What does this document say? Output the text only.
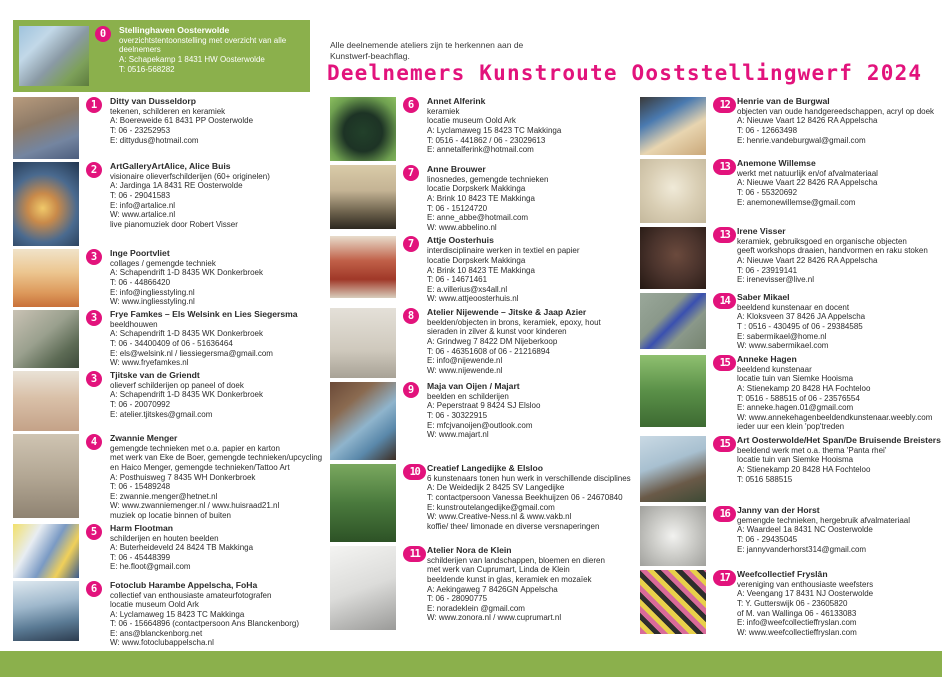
Alle deelnemende ateliers zijn te herkennen aan de
Kunstwerf-beachflag.
Deelnemers Kunstroute Ooststellingwerf 2024
0	Stellinghaven Oosterwolde
overzichtstentoonstelling met overzicht van alle
deelnemers
A: Schapekamp 1 8431 HW Oosterwolde
T: 0516-568282
1	Ditty van Dusseldorp
tekenen, schilderen en keramiek
A: Boereweide 61 8431 PP Oosterwolde
T: 06 - 23252953
E: dittydus@hotmail.com
2	ArtGalleryArtAlice, Alice Buis
visionaire olieverfschilderijen (60+ originelen)
A: Jardinga 1A 8431 RE Oosterwolde
T: 06 - 29041583
E: info@artalice.nl
W: www.artalice.nl
live pianomuziek door Robert Visser
3	Inge Poortvliet
collages / gemengde techniek
A: Schapendrift 1-D 8435 WK Donkerbroek
T: 06 - 44866420
E: info@ingliesstyling.nl
W: www.ingliesstyling.nl
3	Frye Famkes – Els Welsink en Lies Siegersma
beeldhouwen
A: Schapendrift 1-D 8435 WK Donkerbroek
T: 06 - 34400409 of 06 - 51636464
E: els@welsink.nl / liessiegersma@gmail.com
W: www.fryefamkes.nl
3	Tjitske van de Griendt
olieverf schilderijen op paneel of doek
A: Schapendrift 1-D 8435 WK Donkerbroek
T: 06 - 20070992
E: atelier.tjitskes@gmail.com
4	Zwannie Menger
gemengde technieken met o.a. papier en karton
met werk van Eke de Boer, gemengde technieken/upcycling
en Haico Menger, gemengde technieken/Tattoo Art
A: Posthuisweg 7 8435 WH Donkerbroek
T: 06 - 15489248
E: zwannie.menger@hetnet.nl
W: www.zwanniemenger.nl / www.huisraad21.nl
muziek op locatie binnen of buiten
5	Harm Flootman
schilderijen en houten beelden
A: Buterheideveld 24 8424 TB Makkinga
T: 06 - 45448399
E: he.floot@gmail.com
6	Fotoclub Harambe Appelscha, FoHa
collectief van enthousiaste amateurfotografen
locatie museum Oold Ark
A: Lyclamaweg 15 8423 TC Makkinga
T: 06 - 15664896 (contactpersoon Ans Blanckenborg)
E: ans@blanckenborg.net
W: www.fotoclubappelscha.nl
6	Annet Alferink
keramiek
locatie museum Oold Ark
A: Lyclamaweg 15 8423 TC Makkinga
T: 0516 - 441862 / 06 - 23029613
E: annetalferink@hotmail.com
7	Anne Brouwer
linosnedes, gemengde technieken
locatie Dorpskerk Makkinga
A: Brink 10 8423 TE Makkinga
T: 06 - 15124720
E: anne_abbe@hotmail.com
W: www.abbelino.nl
7	Attje Oosterhuis
interdisciplinaire werken in textiel en papier
locatie Dorpskerk Makkinga
A: Brink 10 8423 TE Makkinga
T: 06 - 14671461
E: a.villerius@xs4all.nl
W: www.attjeoosterhuis.nl
8	Atelier Nijewende – Jitske & Jaap Azier
beelden/objecten in brons, keramiek, epoxy, hout
sieraden in zilver & kunst voor kinderen
A: Grindweg 7 8422 DM Nijeberkoop
T: 06 - 46351608 of 06 - 21216894
E: info@nijewende.nl
W: www.nijewende.nl
9	Maja van Oijen / Majart
beelden en schilderijen
A: Peperstraat 9 8424 SJ Elsloo
T: 06 - 30322915
E: mfcjvanoijen@outlook.com
W: www.majart.nl
10 Creatief Langedijke & Elsloo
6 kunstenaars tonen hun werk in verschillende disciplines
A: De Weidedijk 2 8425 SV Langedijke
T: contactpersoon Vanessa Beekhuijzen 06 - 24670840
E: kunstroutelangedijke@gmail.com
W: www.Creative-Ness.nl & www.vakb.nl
koffie/ thee/ limonade en diverse versnaperingen
11 Atelier Nora de Klein
schilderijen van landschappen, bloemen en dieren
met werk van Cuprumart, Linda de Klein
beeldende kunst in glas, keramiek en mozaïek
A: Aekingaweg 7 8426GN Appelscha
T: 06 - 28090775
E: noradeklein @gmail.com
W: www.zonora.nl / www.cuprumart.nl
12 Henrie van de Burgwal
objecten van oude handgereedschappen, acryl op doek
A: Nieuwe Vaart 12 8426 RA Appelscha
T: 06 - 12663498
E: henrie.vandeburgwal@gmail.com
13 Anemone Willemse
werkt met natuurlijk en/of afvalmateriaal
A: Nieuwe Vaart 22 8426 RA Appelscha
T: 06 - 55320692
E: anemonewillemse@gmail.com
13 Irene Visser
keramiek, gebruiksgoed en organische objecten
geeft workshops draaien, handvormen en raku stoken
A: Nieuwe Vaart 22 8426 RA Appelscha
T: 06 - 23919141
E: irenevisser@live.nl
14 Saber Mikael
beeldend kunstenaar en docent
A: Kloksveen 37 8426 JA Appelscha
T : 0516 - 430495 of 06 - 29384585
E: sabermikael@home.nl
W: www.sabermikael.com
15 Anneke Hagen
beeldend kunstenaar
locatie tuin van Siemke Hooisma
A: Stienekamp 20 8428 HA Fochteloo
T: 0516 - 588515 of 06 - 23576554
E: anneke.hagen.01@gmail.com
W: www.annekehagenbeeldendkunstenaar.weebly.com
ieder uur een klein 'pop'treden
15 Art Oosterwolde/Het Span/De Bruisende Breisters
beeldend werk met o.a. thema 'Panta rhei'
locatie tuin van Siemke Hooisma
A: Stienekamp 20 8428 HA Fochteloo
T: 0516 588515
16 Janny van der Horst
gemengde technieken, hergebruik afvalmateriaal
A: Waardeel 1a 8431 NC Oosterwolde
T: 06 - 29435045
E: jannyvanderhorst314@gmail.com
17 Weefcollectief Fryslân
vereniging van enthousiaste weefsters
A: Veengang 17 8431 NJ Oosterwolde
T: Y. Gutterswijk 06 - 23605820
of M. van Wallinga 06 - 46133083
E: info@weefcollectieffryslan.com
W: www.weefcollectieffryslan.com
